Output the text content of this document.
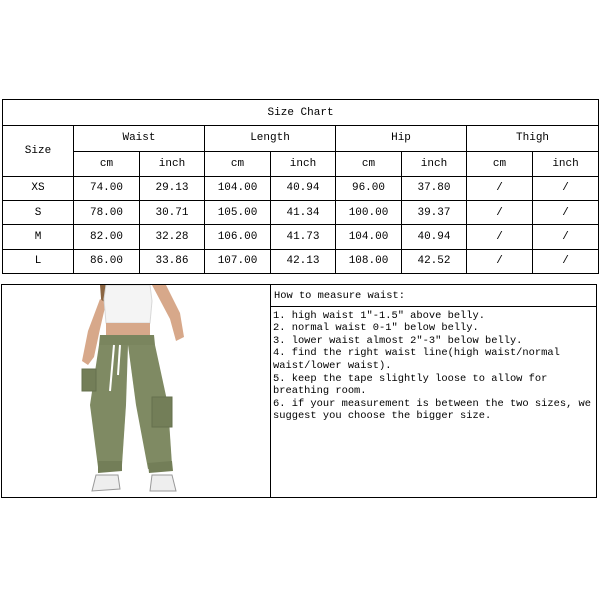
Size Chart								
Size	Waist		Length		Hip		Thigh	
	cm	inch	cm	inch	cm	inch	cm	inch
XS	74.00	29.13	104.00	40.94	96.00	37.80	/	/
S	78.00	30.71	105.00	41.34	100.00	39.37	/	/
M	82.00	32.28	106.00	41.73	104.00	40.94	/	/
L	86.00	33.86	107.00	42.13	108.00	42.52	/	/
How to measure waist:
1. high waist 1"-1.5" above belly.
2. normal waist 0-1" below belly.
3. lower waist almost 2"-3" below belly.
4. find the right waist line(high waist/normal waist/lower waist).
5. keep the tape slightly loose to allow for breathing room.
6. if your measurement is between the two sizes, we suggest you choose the bigger size.
